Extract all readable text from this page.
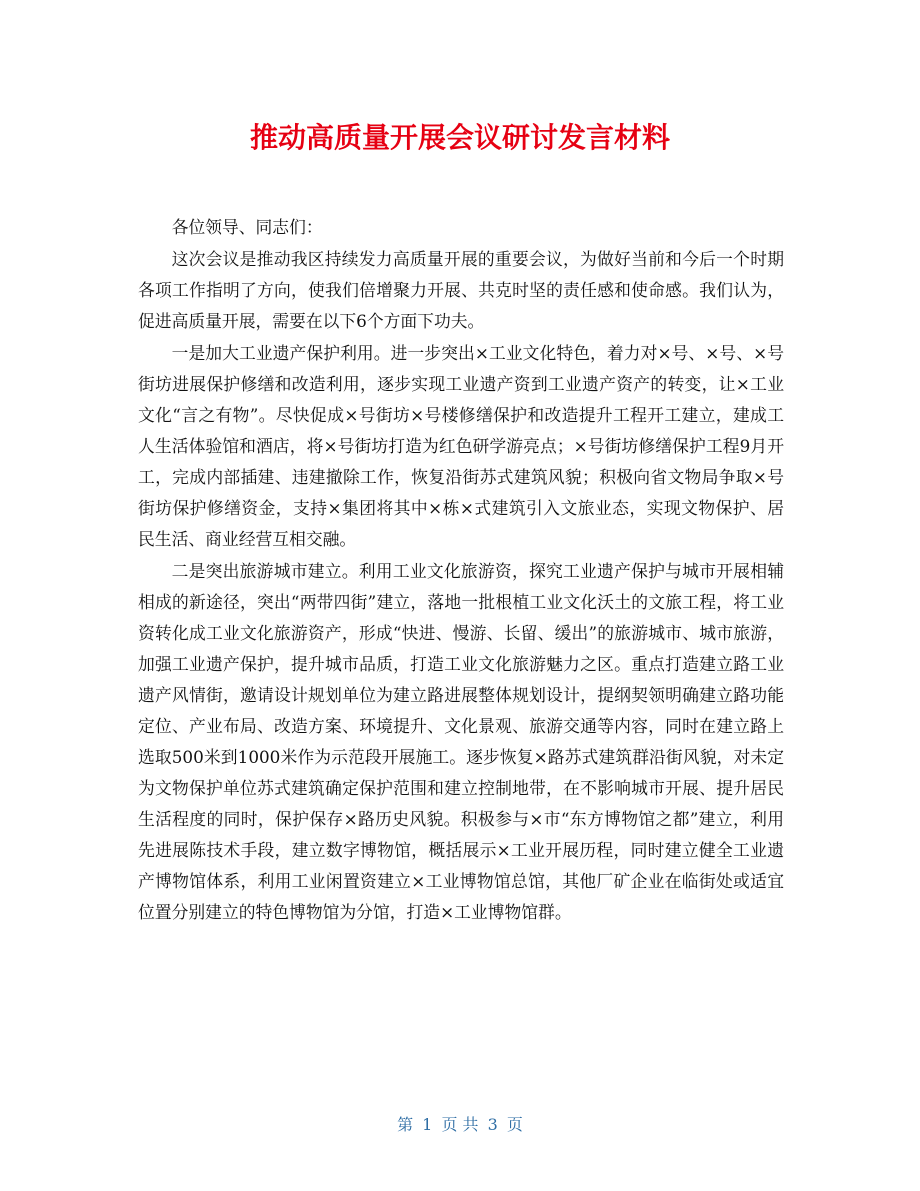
推动高质量开展会议研讨发言材料

各位领导、同志们：

这次会议是推动我区持续发力高质量开展的重要会议，为做好当前和今后一个时期各项工作指明了方向，使我们倍增聚力开展、共克时坚的责任感和使命感。我们认为，促进高质量开展，需要在以下6个方面下功夫。

一是加大工业遗产保护利用。进一步突出×工业文化特色，着力对×号、×号、×号街坊进展保护修缮和改造利用，逐步实现工业遗产资到工业遗产资产的转变，让×工业文化“言之有物”。尽快促成×号街坊×号楼修缮保护和改造提升工程开工建立，建成工人生活体验馆和酒店，将×号街坊打造为红色研学游亮点；×号街坊修缮保护工程9月开工，完成内部插建、违建撤除工作，恢复沿街苏式建筑风貌；积极向省文物局争取×号街坊保护修缮资金，支持×集团将其中×栋×式建筑引入文旅业态，实现文物保护、居民生活、商业经营互相交融。

二是突出旅游城市建立。利用工业文化旅游资，探究工业遗产保护与城市开展相辅相成的新途径，突出“两带四街”建立，落地一批根植工业文化沃土的文旅工程，将工业资转化成工业文化旅游资产，形成“快进、慢游、长留、缓出”的旅游城市、城市旅游，加强工业遗产保护，提升城市品质，打造工业文化旅游魅力之区。重点打造建立路工业遗产风情街，邀请设计规划单位为建立路进展整体规划设计，提纲契领明确建立路功能定位、产业布局、改造方案、环境提升、文化景观、旅游交通等内容，同时在建立路上选取500米到1000米作为示范段开展施工。逐步恢复×路苏式建筑群沿街风貌，对未定为文物保护单位苏式建筑确定保护范围和建立控制地带，在不影响城市开展、提升居民生活程度的同时，保护保存×路历史风貌。积极参与×市“东方博物馆之都”建立，利用先进展陈技术手段，建立数字博物馆，概括展示×工业开展历程，同时建立健全工业遗产博物馆体系，利用工业闲置资建立×工业博物馆总馆，其他厂矿企业在临街处或适宜位置分别建立的特色博物馆为分馆，打造×工业博物馆群。

第 1 页 共 3 页
